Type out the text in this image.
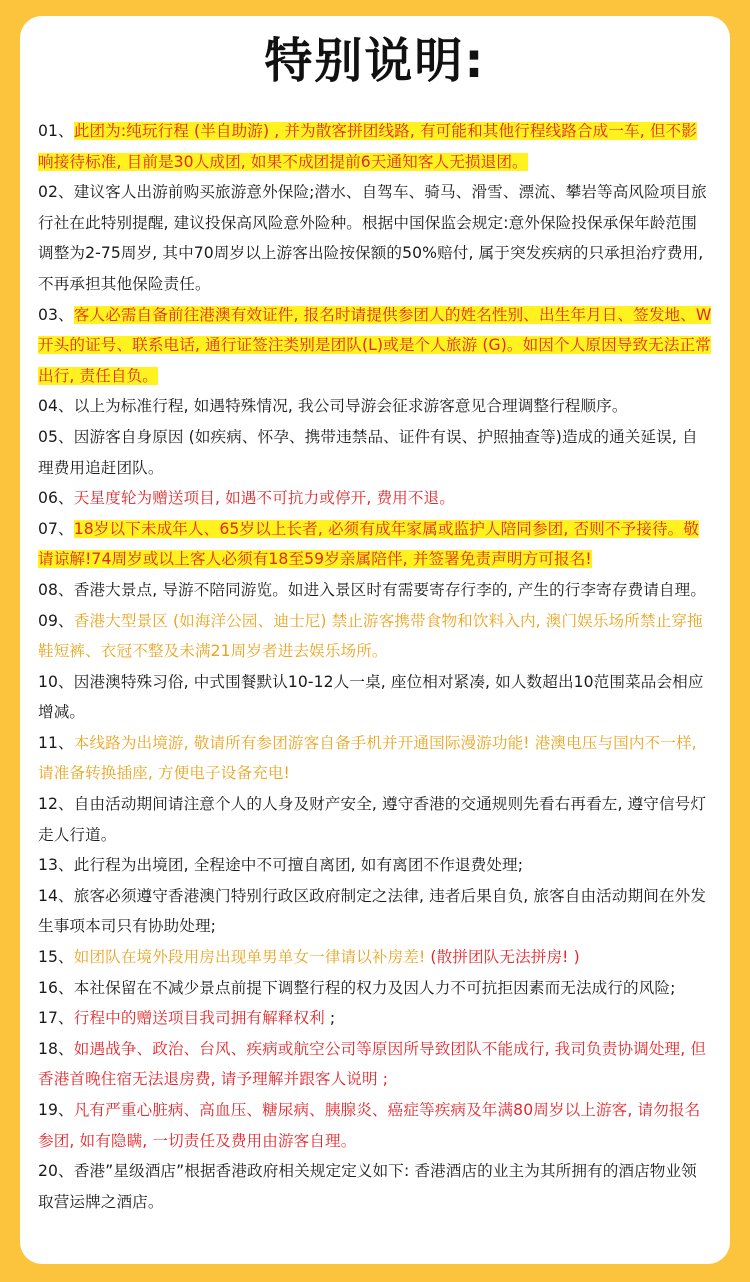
特别说明:

01、此团为:纯玩行程 (半自助游) , 并为散客拼团线路, 有可能和其他行程线路合成一车, 但不影响接待标准, 目前是30人成团, 如果不成团提前6天通知客人无损退团。

02、建议客人出游前购买旅游意外保险;潜水、自驾车、骑马、滑雪、漂流、攀岩等高风险项目旅行社在此特别提醒, 建议投保高风险意外险种。根据中国保监会规定:意外保险投保承保年龄范围调整为2-75周岁, 其中70周岁以上游客出险按保额的50%赔付, 属于突发疾病的只承担治疗费用, 不再承担其他保险责任。

03、客人必需自备前往港澳有效证件, 报名时请提供参团人的姓名性别、出生年月日、签发地、W开头的证号、联系电话, 通行证签注类别是团队(L)或是个人旅游 (G)。如因个人原因导致无法正常出行, 责任自负。

04、以上为标准行程, 如遇特殊情况, 我公司导游会征求游客意见合理调整行程顺序。

05、因游客自身原因 (如疾病、怀孕、携带违禁品、证件有误、护照抽查等)造成的通关延误, 自理费用追赶团队。

06、天星度轮为赠送项目, 如遇不可抗力或停开, 费用不退。

07、18岁以下未成年人、65岁以上长者, 必须有成年家属或监护人陪同参团, 否则不予接待。敬请谅解!74周岁或以上客人必须有18至59岁亲属陪伴, 并签署免责声明方可报名!

08、香港大景点, 导游不陪同游览。如进入景区时有需要寄存行李的, 产生的行李寄存费请自理。

09、香港大型景区 (如海洋公园、迪士尼) 禁止游客携带食物和饮料入内, 澳门娱乐场所禁止穿拖鞋短裤、衣冠不整及未满21周岁者进去娱乐场所。

10、因港澳特殊习俗, 中式围餐默认10-12人一桌, 座位相对紧凑, 如人数超出10范围菜品会相应增减。

11、本线路为出境游, 敬请所有参团游客自备手机并开通国际漫游功能! 港澳电压与国内不一样, 请准备转换插座, 方便电子设备充电!

12、自由活动期间请注意个人的人身及财产安全, 遵守香港的交通规则先看右再看左, 遵守信号灯走人行道。

13、此行程为出境团, 全程途中不可擅自离团, 如有离团不作退费处理;

14、旅客必须遵守香港澳门特别行政区政府制定之法律, 违者后果自负, 旅客自由活动期间在外发生事项本司只有协助处理;

15、如团队在境外段用房出现单男单女一律请以补房差! (散拼团队无法拼房! )

16、本社保留在不减少景点前提下调整行程的权力及因人力不可抗拒因素而无法成行的风险;

17、行程中的赠送项目我司拥有解释权利 ;

18、如遇战争、政治、台风、疾病或航空公司等原因所导致团队不能成行, 我司负责协调处理, 但香港首晚住宿无法退房费, 请予理解并跟客人说明 ;

19、凡有严重心脏病、高血压、糖尿病、胰腺炎、癌症等疾病及年满80周岁以上游客, 请勿报名参团, 如有隐瞒, 一切责任及费用由游客自理。

20、香港”星级酒店”根据香港政府相关规定定义如下: 香港酒店的业主为其所拥有的酒店物业领取营运牌之酒店。
